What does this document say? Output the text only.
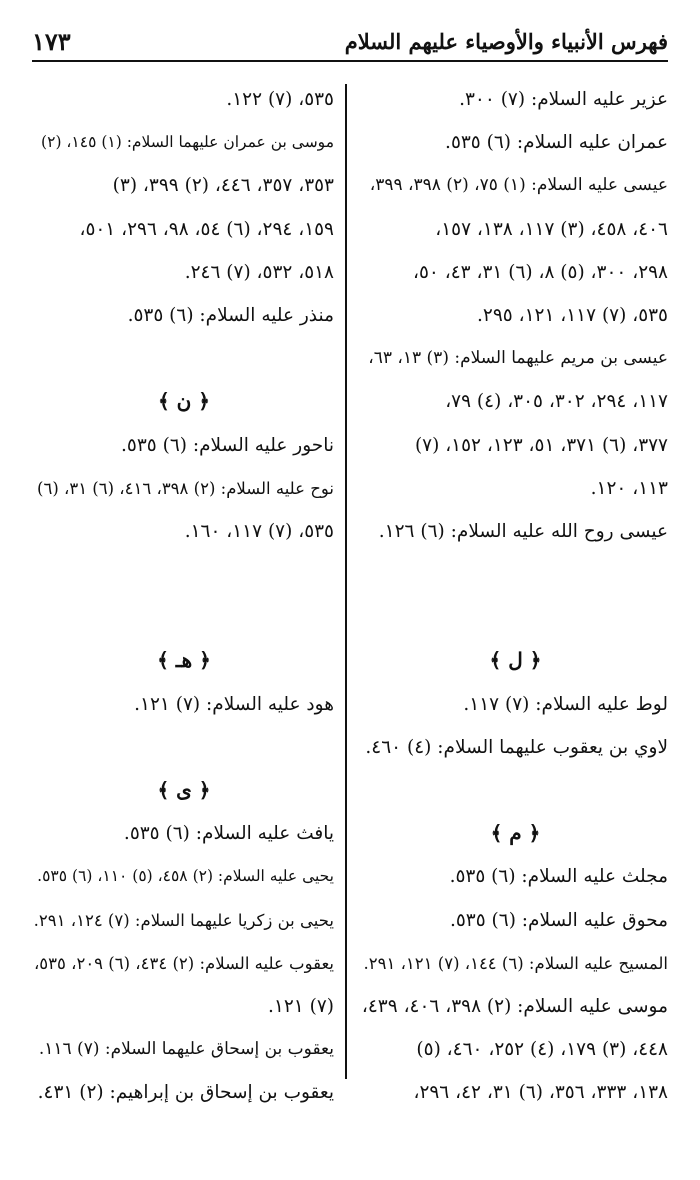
١٧٣	فهرس الأنبياء والأوصياء عليهم السلام
عزير عليه السلام: (٧) ٣٠٠.
عمران عليه السلام: (٦) ٥٣٥.
عيسى عليه السلام: (١) ٧٥، (٢) ٣٩٨، ٣٩٩،
٤٠٦، ٤٥٨، (٣) ١١٧، ١٣٨، ١٥٧،
٢٩٨، ٣٠٠، (٥) ٨، (٦) ٣١، ٤٣، ٥٠،
٥٣٥، (٧) ١١٧، ١٢١، ٢٩٥.
عيسى بن مريم عليهما السلام: (٣) ١٣، ٦٣،
١١٧، ٢٩٤، ٣٠٢، ٣٠٥، (٤) ٧٩،
٣٧٧، (٦) ٣٧١، ٥١، ١٢٣، ١٥٢، (٧)
١١٣، ١٢٠.
عيسى روح الله عليه السلام: (٦) ١٢٦.
﴿ ل ﴾
لوط عليه السلام: (٧) ١١٧.
لاوي بن يعقوب عليهما السلام: (٤) ٤٦٠.
﴿ م ﴾
مجلث عليه السلام: (٦) ٥٣٥.
محوق عليه السلام: (٦) ٥٣٥.
المسيح عليه السلام: (٦) ١٤٤، (٧) ١٢١، ٢٩١.
موسى عليه السلام: (٢) ٣٩٨، ٤٠٦، ٤٣٩،
٤٤٨، (٣) ١٧٩، (٤) ٢٥٢، ٤٦٠، (٥)
١٣٨، ٣٣٣، ٣٥٦، (٦) ٣١، ٤٢، ٢٩٦،
٥٣٥، (٧) ١٢٢.
موسى بن عمران عليهما السلام: (١) ١٤٥، (٢)
٣٥٣، ٣٥٧، ٤٤٦، (٢) ٣٩٩، (٣)
١٥٩، ٢٩٤، (٦) ٥٤، ٩٨، ٢٩٦، ٥٠١،
٥١٨، ٥٣٢، (٧) ٢٤٦.
منذر عليه السلام: (٦) ٥٣٥.
﴿ ن ﴾
ناحور عليه السلام: (٦) ٥٣٥.
نوح عليه السلام: (٢) ٣٩٨، ٤١٦، (٦) ٣١، (٦)
٥٣٥، (٧) ١١٧، ١٦٠.
﴿ هـ ﴾
هود عليه السلام: (٧) ١٢١.
﴿ ى ﴾
يافث عليه السلام: (٦) ٥٣٥.
يحيى عليه السلام: (٢) ٤٥٨، (٥) ١١٠، (٦) ٥٣٥.
يحيى بن زكريا عليهما السلام: (٧) ١٢٤، ٢٩١.
يعقوب عليه السلام: (٢) ٤٣٤، (٦) ٢٠٩، ٥٣٥،
(٧) ١٢١.
يعقوب بن إسحاق عليهما السلام: (٧) ١١٦.
يعقوب بن إسحاق بن إبراهيم: (٢) ٤٣١.
